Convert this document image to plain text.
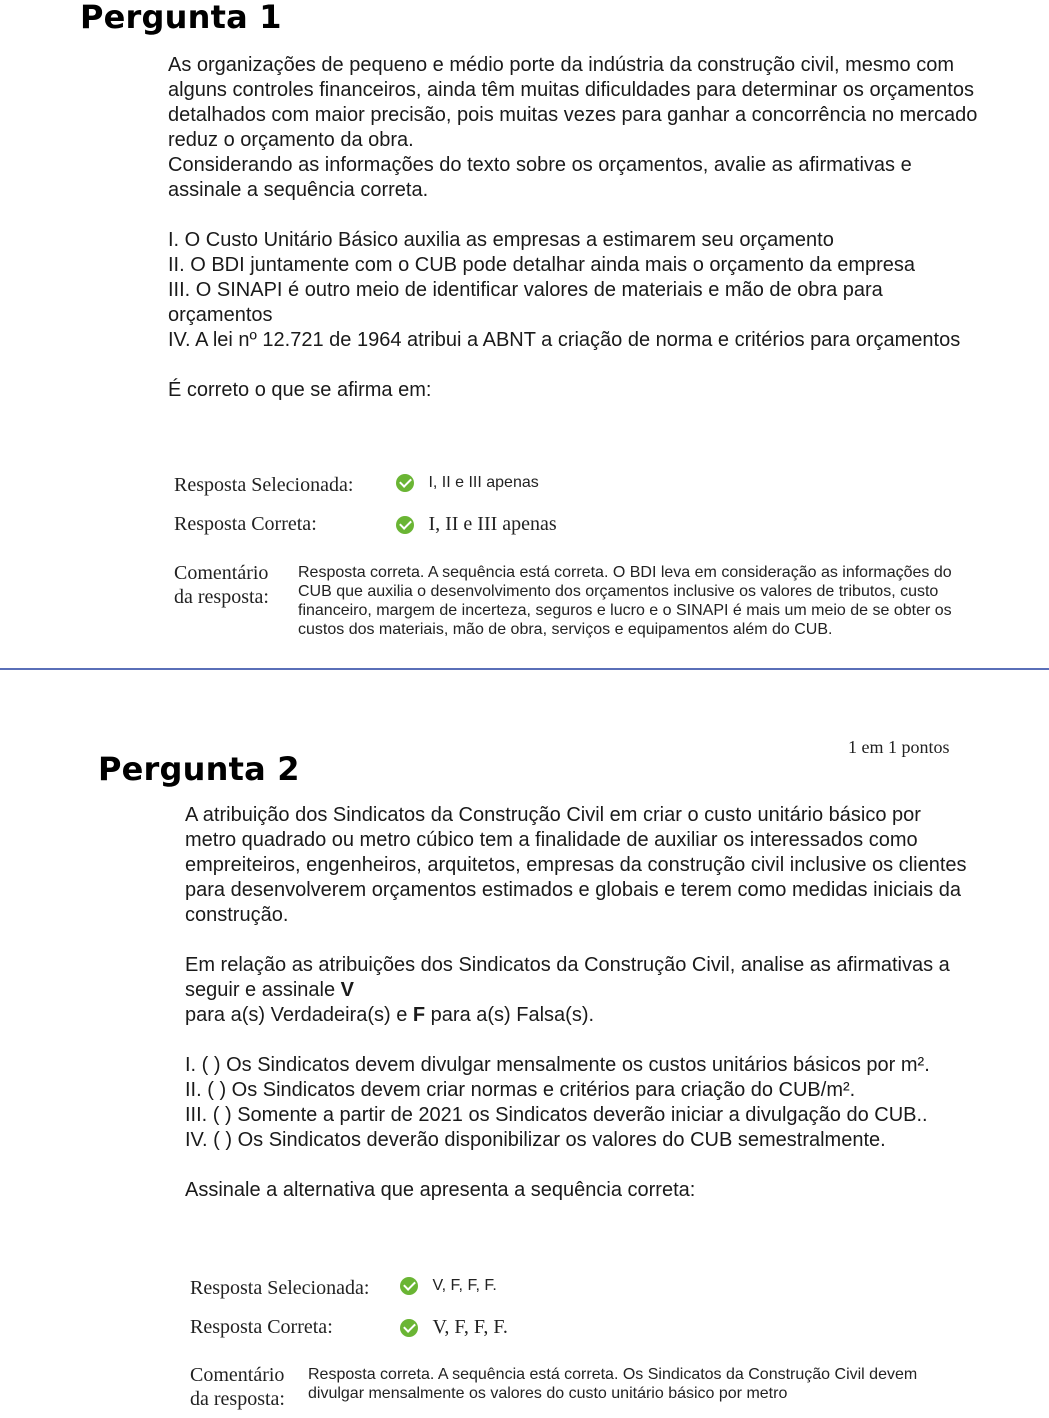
Pergunta 1

As organizações de pequeno e médio porte da indústria da construção civil, mesmo com alguns controles financeiros, ainda têm muitas dificuldades para determinar os orçamentos detalhados com maior precisão, pois muitas vezes para ganhar a concorrência no mercado reduz o orçamento da obra.

Considerando as informações do texto sobre os orçamentos, avalie as afirmativas e assinale a sequência correta.

I. O Custo Unitário Básico auxilia as empresas a estimarem seu orçamento

II. O BDI juntamente com o CUB pode detalhar ainda mais o orçamento da empresa

III. O SINAPI é outro meio de identificar valores de materiais e mão de obra para orçamentos

IV. A lei nº 12.721 de 1964 atribui a ABNT a criação de norma e critérios para orçamentos

É correto o que se afirma em:

Resposta Selecionada:	I, II e III apenas
Resposta Correta:	I, II e III apenas
Comentário
da resposta:
Resposta correta. A sequência está correta. O BDI leva em consideração as informações do CUB que auxilia o desenvolvimento dos orçamentos inclusive os valores de tributos, custo financeiro, margem de incerteza, seguros e lucro e o SINAPI é mais um meio de se obter os custos dos materiais, mão de obra, serviços e equipamentos além do CUB.
1 em 1 pontos
Pergunta 2

A atribuição dos Sindicatos da Construção Civil em criar o custo unitário básico por metro quadrado ou metro cúbico tem a finalidade de auxiliar os interessados como empreiteiros, engenheiros, arquitetos, empresas da construção civil inclusive os clientes para desenvolverem orçamentos estimados e globais e terem como medidas iniciais da construção.

Em relação as atribuições dos Sindicatos da Construção Civil, analise as afirmativas a seguir e assinale V
para a(s) Verdadeira(s) e F para a(s) Falsa(s).

I. ( ) Os Sindicatos devem divulgar mensalmente os custos unitários básicos por m².

II. ( ) Os Sindicatos devem criar normas e critérios para criação do CUB/m².

III. ( ) Somente a partir de 2021 os Sindicatos deverão iniciar a divulgação do CUB..

IV. ( ) Os Sindicatos deverão disponibilizar os valores do CUB semestralmente.

Assinale a alternativa que apresenta a sequência correta:

Resposta Selecionada:	V, F, F, F.
Resposta Correta:	V, F, F, F.
Comentário
da resposta:
Resposta correta. A sequência está correta. Os Sindicatos da Construção Civil devem divulgar mensalmente os valores do custo unitário básico por metro
